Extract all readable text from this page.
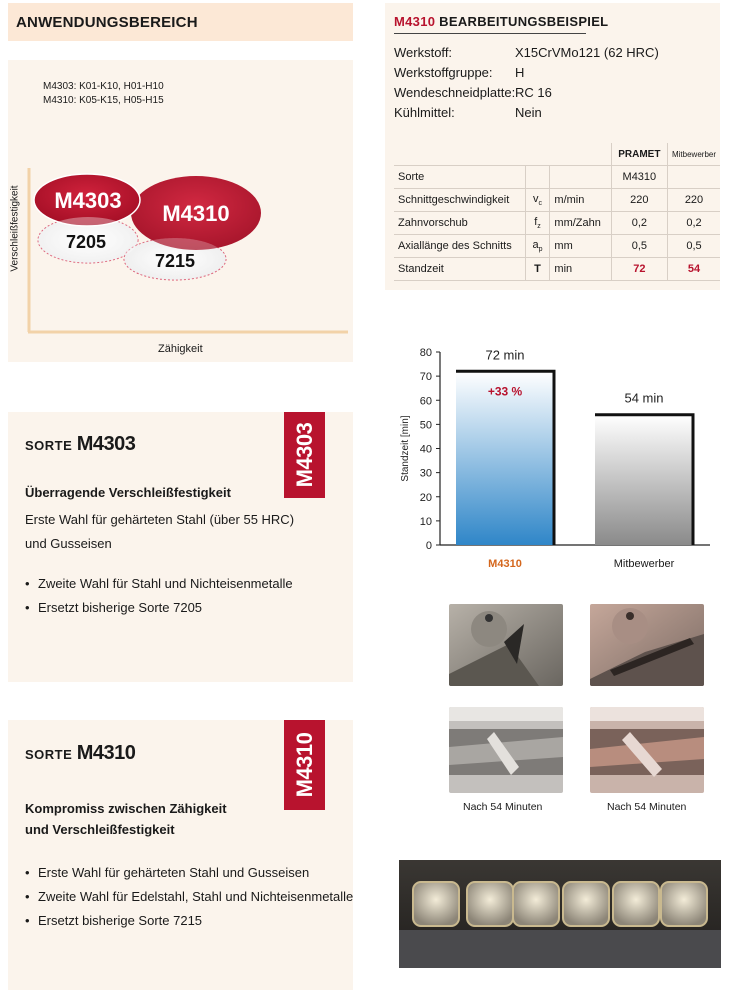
ANWENDUNGSBEREICH
M4303: K01-K10, H01-H10
M4310: K05-K15, H05-H15
M4303
M4310
7205
7215
Verschleißfestigkeit
Zähigkeit
M4303
SORTE M4303
Überragende Verschleißfestigkeit
Erste Wahl für gehärteten Stahl (über 55 HRC)
und Gusseisen
• Zweite Wahl für Stahl und Nichteisenmetalle
• Ersetzt bisherige Sorte 7205
M4310
SORTE M4310
Kompromiss zwischen Zähigkeit
und Verschleißfestigkeit
• Erste Wahl für gehärteten Stahl und Gusseisen
• Zweite Wahl für Edelstahl, Stahl und Nichteisenmetalle
• Ersetzt bisherige Sorte 7215
M4310 BEARBEITUNGSBEISPIEL
Werkstoff:	X15CrVMo121 (62 HRC)
Werkstoffgruppe: H
Wendeschneidplatte:RC 16
Kühlmittel:	Nein
			PRAMET	Mitbewerber
Sorte			M4310	
Schnittgeschwindigkeit	$v_c$	m/min	220	220
Zahnvorschub	$f_z$	mm/Zahn	0,2	0,2
Axiallänge des Schnitts	$a_p$	mm	0,5	0,5
Standzeit	T	min	72	54
0
10
20
30
40
50
60
70
80
Standzeit [min]
72 min
M4310
54 min
Mitbewerber
+33 %
Nach 54 Minuten	Nach 54 Minuten
